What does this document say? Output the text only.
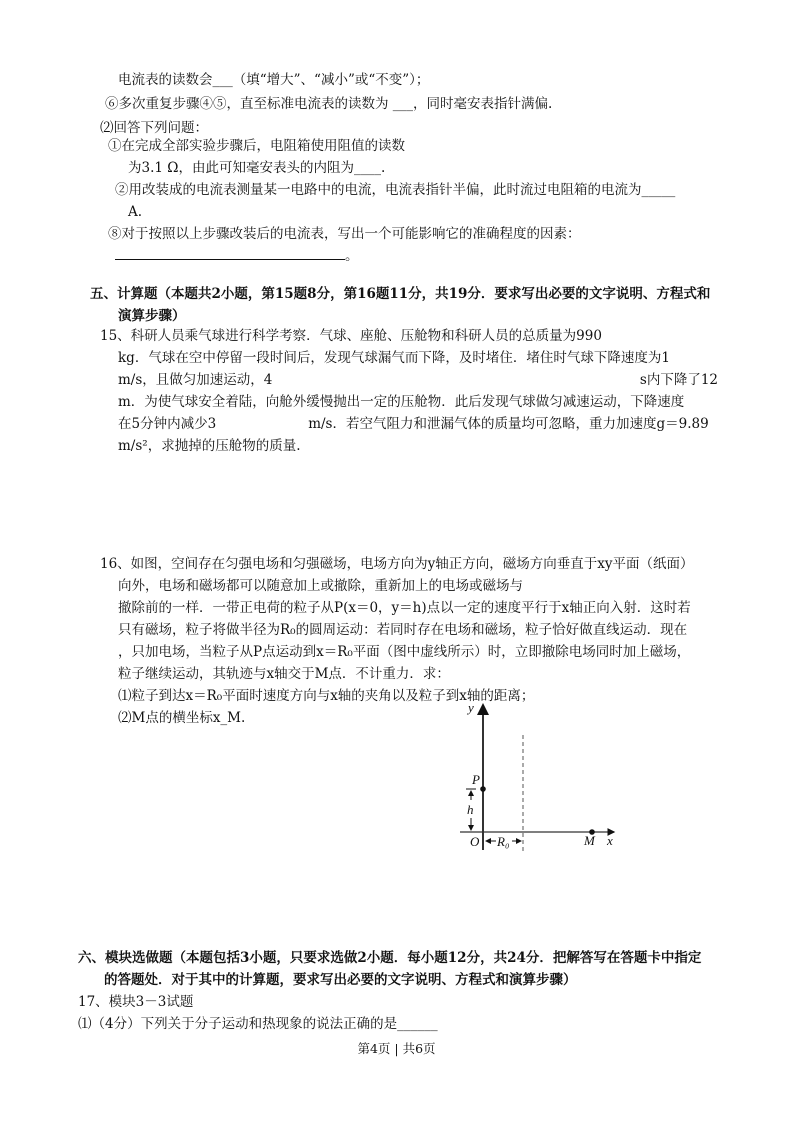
电流表的读数会___（填“增大”、“减小”或“不变”）；
⑥多次重复步骤④⑤，直至标准电流表的读数为 ___，同时毫安表指针满偏.
⑵回答下列问题：
①在完成全部实验步骤后，电阻箱使用阻值的读数
为3.1 Ω，由此可知毫安表头的内阻为____.
②用改装成的电流表测量某一电路中的电流，电流表指针半偏，此时流过电阻箱的电流为_____
A.
⑧对于按照以上步骤改装后的电流表，写出一个可能影响它的准确程度的因素：
。
五、计算题（本题共2小题，第15题8分，第16题11分，共19分．要求写出必要的文字说明、方程式和
演算步骤）
15、科研人员乘气球进行科学考察．气球、座舱、压舱物和科研人员的总质量为990
kg．气球在空中停留一段时间后，发现气球漏气而下降，及时堵住．堵住时气球下降速度为1
m/s，且做匀加速运动，4	s内下降了12
m．为使气球安全着陆，向舱外缓慢抛出一定的压舱物．此后发现气球做匀减速运动，下降速度
在5分钟内减少3	m/s．若空气阻力和泄漏气体的质量均可忽略，重力加速度g＝9.89
m/s²，求抛掉的压舱物的质量.
16、如图，空间存在匀强电场和匀强磁场，电场方向为y轴正方向，磁场方向垂直于xy平面（纸面）
向外，电场和磁场都可以随意加上或撤除，重新加上的电场或磁场与
撤除前的一样．一带正电荷的粒子从P(x＝0，y＝h)点以一定的速度平行于x轴正向入射．这时若
只有磁场，粒子将做半径为R₀的圆周运动：若同时存在电场和磁场，粒子恰好做直线运动．现在
，只加电场，当粒子从P点运动到x＝R₀平面（图中虚线所示）时，立即撤除电场同时加上磁场，
粒子继续运动，其轨迹与x轴交于M点．不计重力．求：
⑴粒子到达x＝R₀平面时速度方向与x轴的夹角以及粒子到x轴的距离；
⑵M点的横坐标x_M.
y
P
h
O R₀	M x
六、模块选做题（本题包括3小题，只要求选做2小题．每小题12分，共24分．把解答写在答题卡中指定
的答题处．对于其中的计算题，要求写出必要的文字说明、方程式和演算步骤）
17、模块3－3试题
⑴（4分）下列关于分子运动和热现象的说法正确的是______
第4页 | 共6页
